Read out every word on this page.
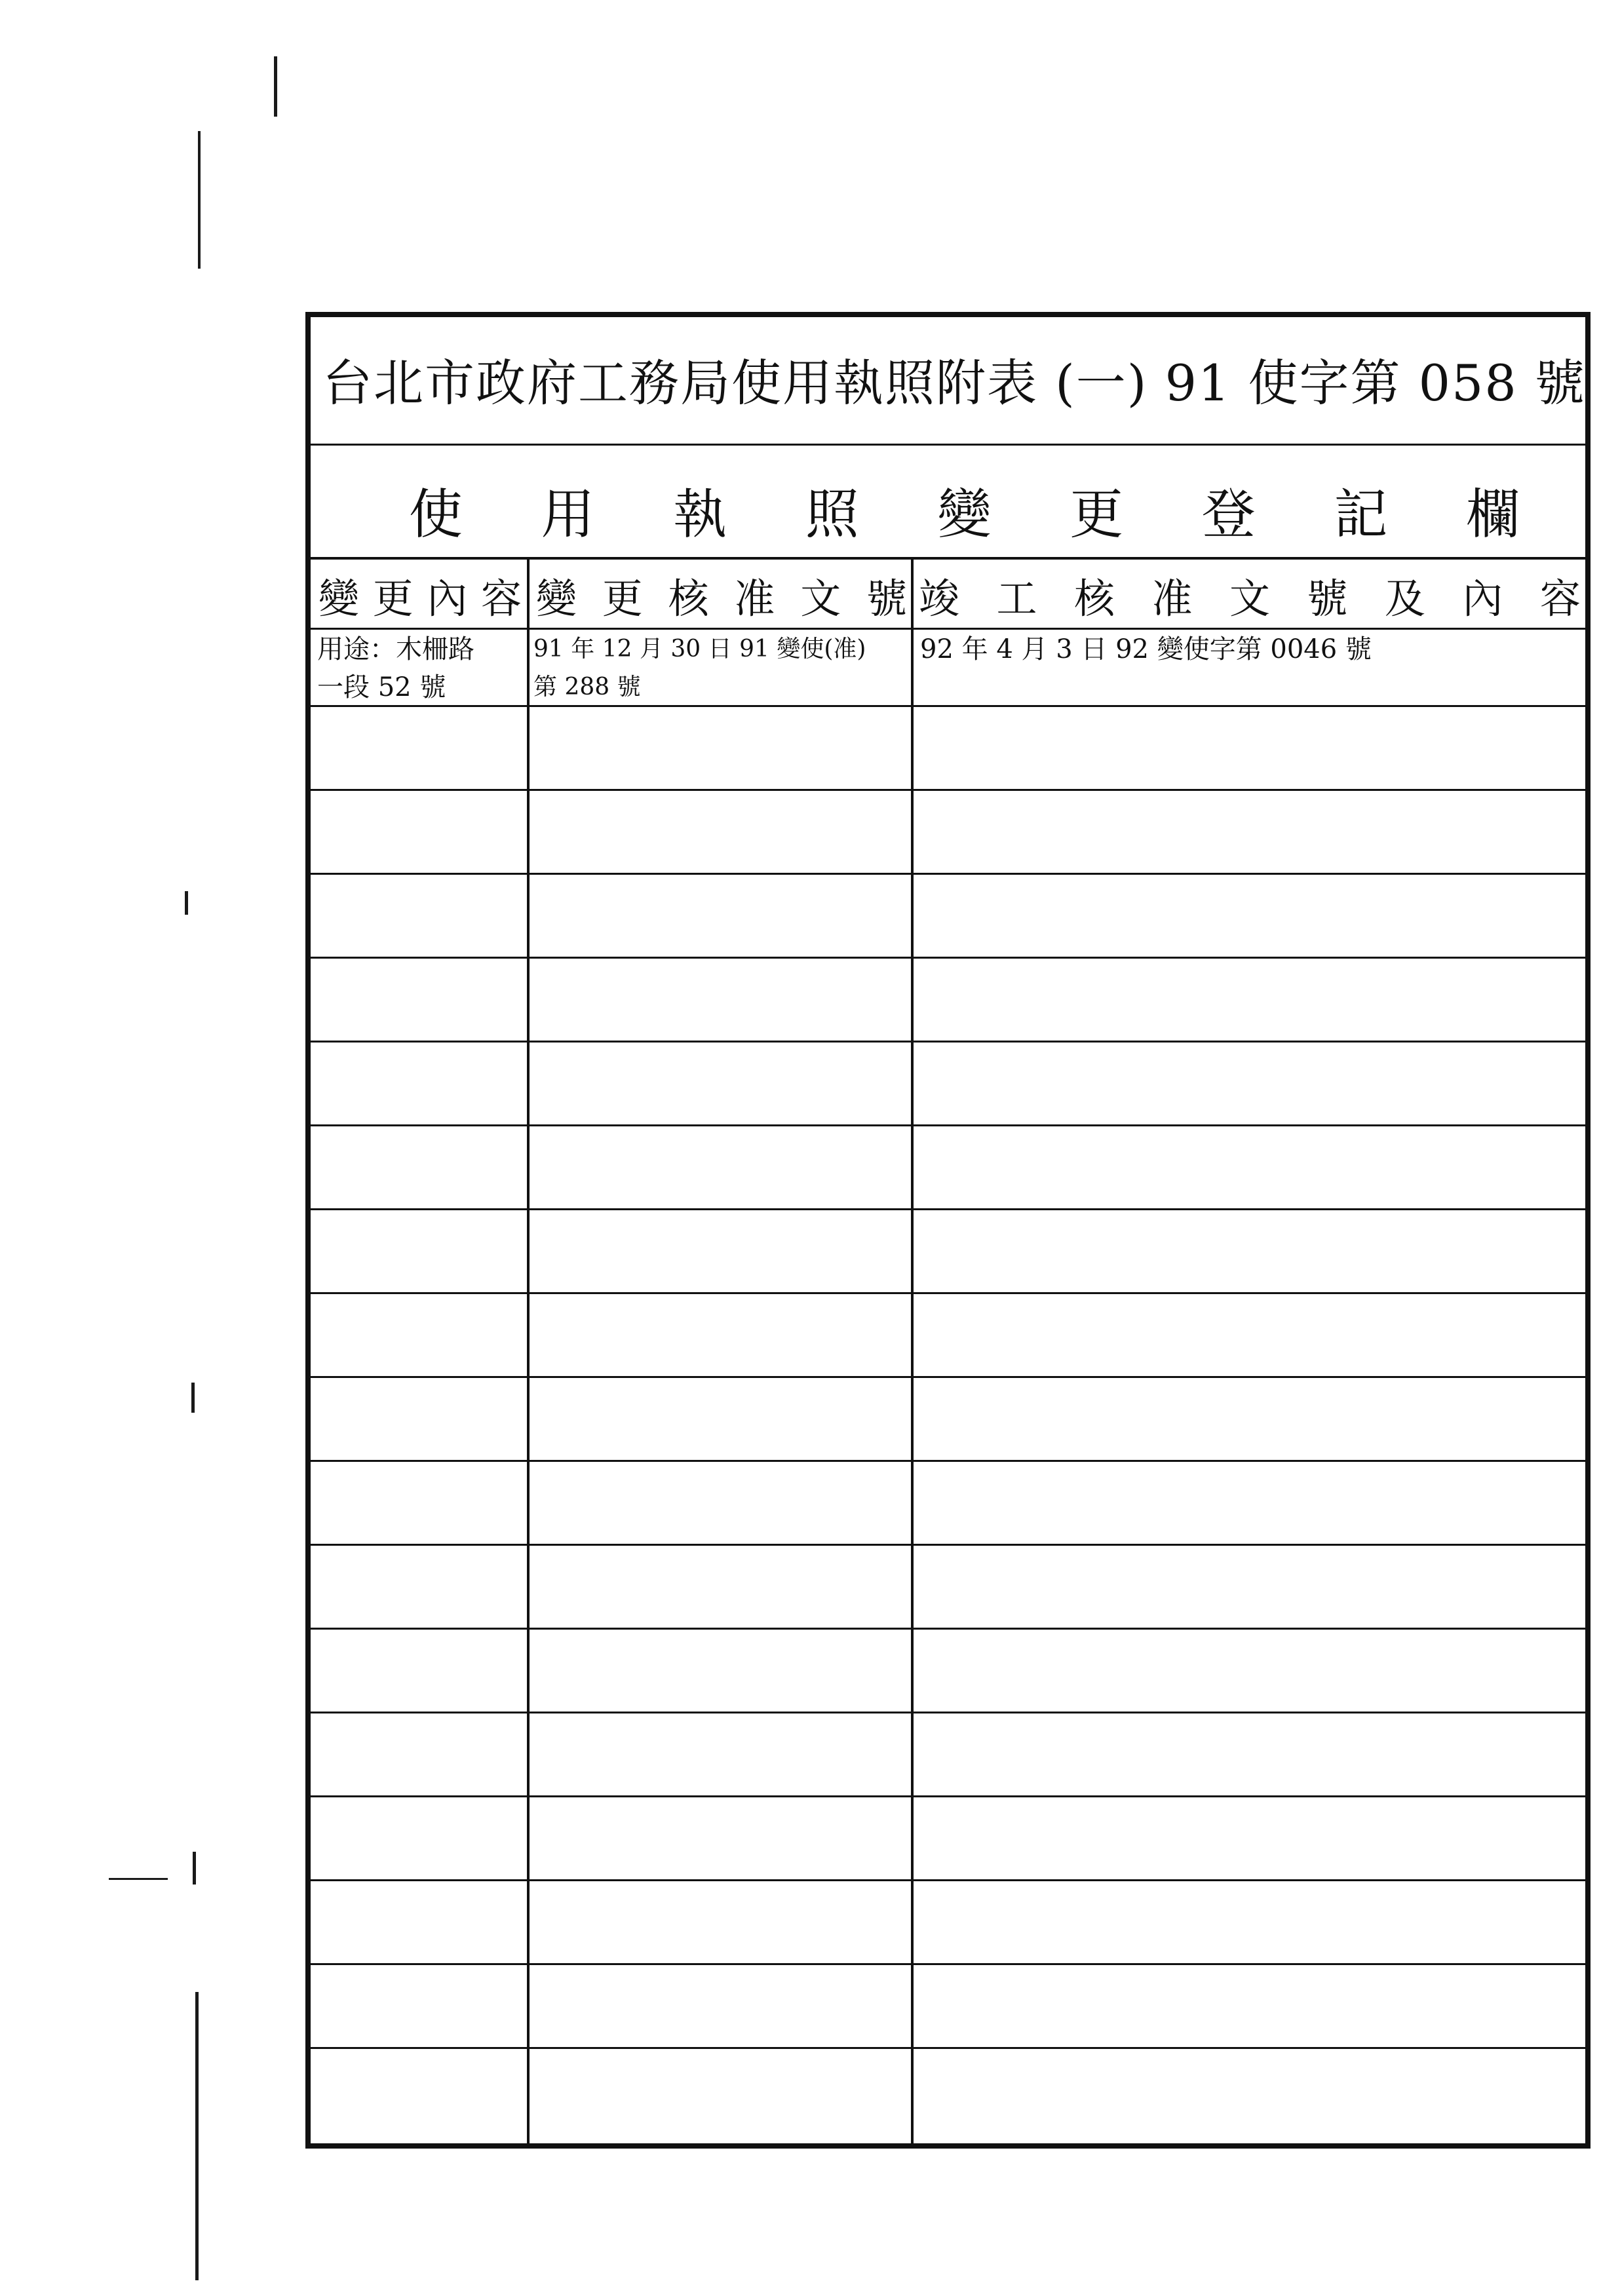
台北市政府工務局使用執照附表 (一) 91 使字第 058 號
使 用 執 照 變 更 登 記 欄
變 更 內 容 變 更 核 准 文 號 竣 工 核 准 文 號 及 內 容
用途：木柵路
一段 52 號
91 年 12 月 30 日 91 變使(准)
第 288 號
92 年 4 月 3 日 92 變使字第 0046 號
